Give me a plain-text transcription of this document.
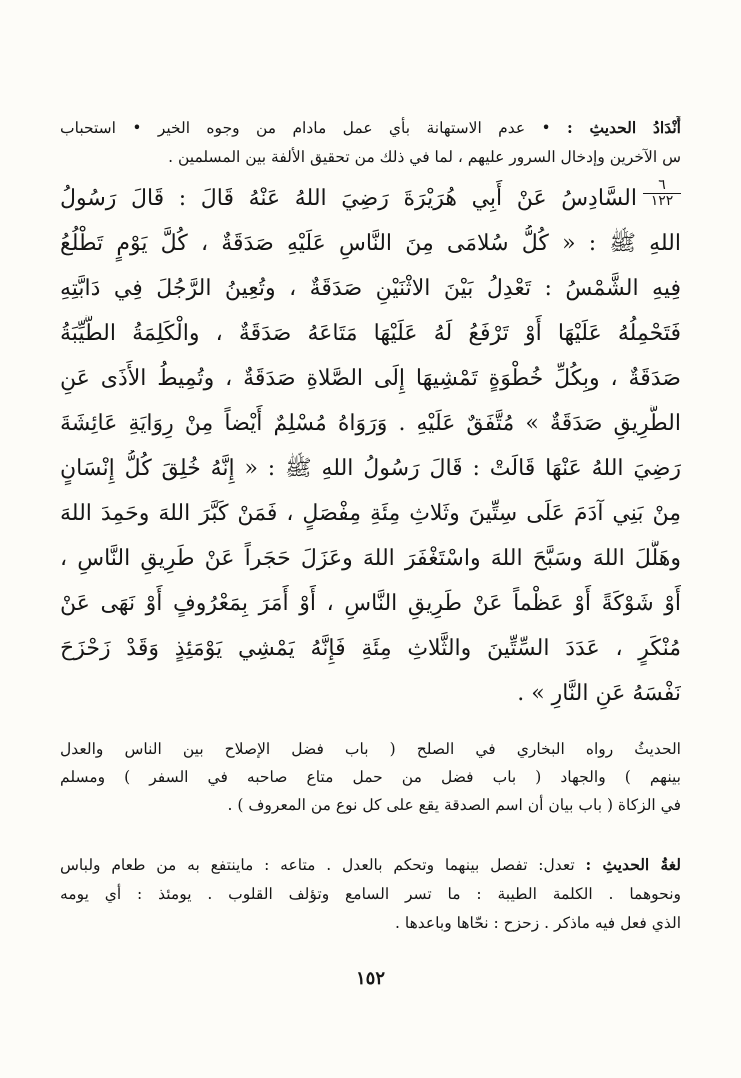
أَنْدَادُ الحديثِ : • عدم الاستهانة بأي عمل مادام من وجوه الخير • استحباب
س الآخرين وإدخال السرور عليهم ، لما في ذلك من تحقيق الألفة بين المسلمين .
٦
١٢٢
السَّادِسُ عَنْ أَبِي هُرَيْرَةَ رَضِيَ اللهُ عَنْهُ قَالَ : قَالَ رَسُولُ
اللهِ ﷺ : « كُلُّ سُلامَى مِنَ النَّاسِ عَلَيْهِ صَدَقَةٌ ، كُلَّ يَوْمٍ تَطْلُعُ
فِيهِ الشَّمْسُ : تَعْدِلُ بَيْنَ الاثْنَيْنِ صَدَقَةٌ ، وتُعِينُ الرَّجُلَ فِي دَابَّتِهِ
فَتَحْمِلُهُ عَلَيْهَا أَوْ تَرْفَعُ لَهُ عَلَيْهَا مَتَاعَهُ صَدَقَةٌ ، والْكَلِمَةُ الطَّيِّبَةُ
صَدَقَةٌ ، وبِكُلِّ خُطْوَةٍ تَمْشِيهَا إِلَى الصَّلاةِ صَدَقَةٌ ، وتُمِيطُ الأَذَى عَنِ
الطَّرِيقِ صَدَقَةٌ » مُتَّفَقٌ عَلَيْهِ . وَرَوَاهُ مُسْلِمٌ أَيْضاً مِنْ رِوَايَةِ عَائِشَةَ
رَضِيَ اللهُ عَنْهَا قَالَتْ : قَالَ رَسُولُ اللهِ ﷺ : « إِنَّهُ خُلِقَ كُلُّ إِنْسَانٍ
مِنْ بَنِي آدَمَ عَلَى سِتِّينَ وثَلاثِ مِئَةِ مِفْصَلٍ ، فَمَنْ كَبَّرَ اللهَ وحَمِدَ اللهَ
وهَلَّلَ اللهَ وسَبَّحَ اللهَ واسْتَغْفَرَ اللهَ وعَزَلَ حَجَراً عَنْ طَرِيقِ النَّاسِ ،
أَوْ شَوْكَةً أَوْ عَظْماً عَنْ طَرِيقِ النَّاسِ ، أَوْ أَمَرَ بِمَعْرُوفٍ أَوْ نَهَى عَنْ
مُنْكَرٍ ، عَدَدَ السِّتِّينَ والثَّلاثِ مِئَةِ فَإِنَّهُ يَمْشِي يَوْمَئِذٍ وَقَدْ زَحْزَحَ
نَفْسَهُ عَنِ النَّارِ » .
الحديثُ رواه البخاري في الصلح ( باب فضل الإصلاح بين الناس والعدل
بينهم ) والجهاد ( باب فضل من حمل متاع صاحبه في السفر ) ومسلم
في الزكاة ( باب بيان أن اسم الصدقة يقع على كل نوع من المعروف ) .
لغةُ الحديثِ : تعدل: تفصل بينهما وتحكم بالعدل . متاعه : ماينتفع به من طعام ولباس
ونحوهما . الكلمة الطيبة : ما تسر السامع وتؤلف القلوب . يومئذ : أي يومه
الذي فعل فيه ماذكر . زحزح : نحّاها وباعدها .
١٥٢
